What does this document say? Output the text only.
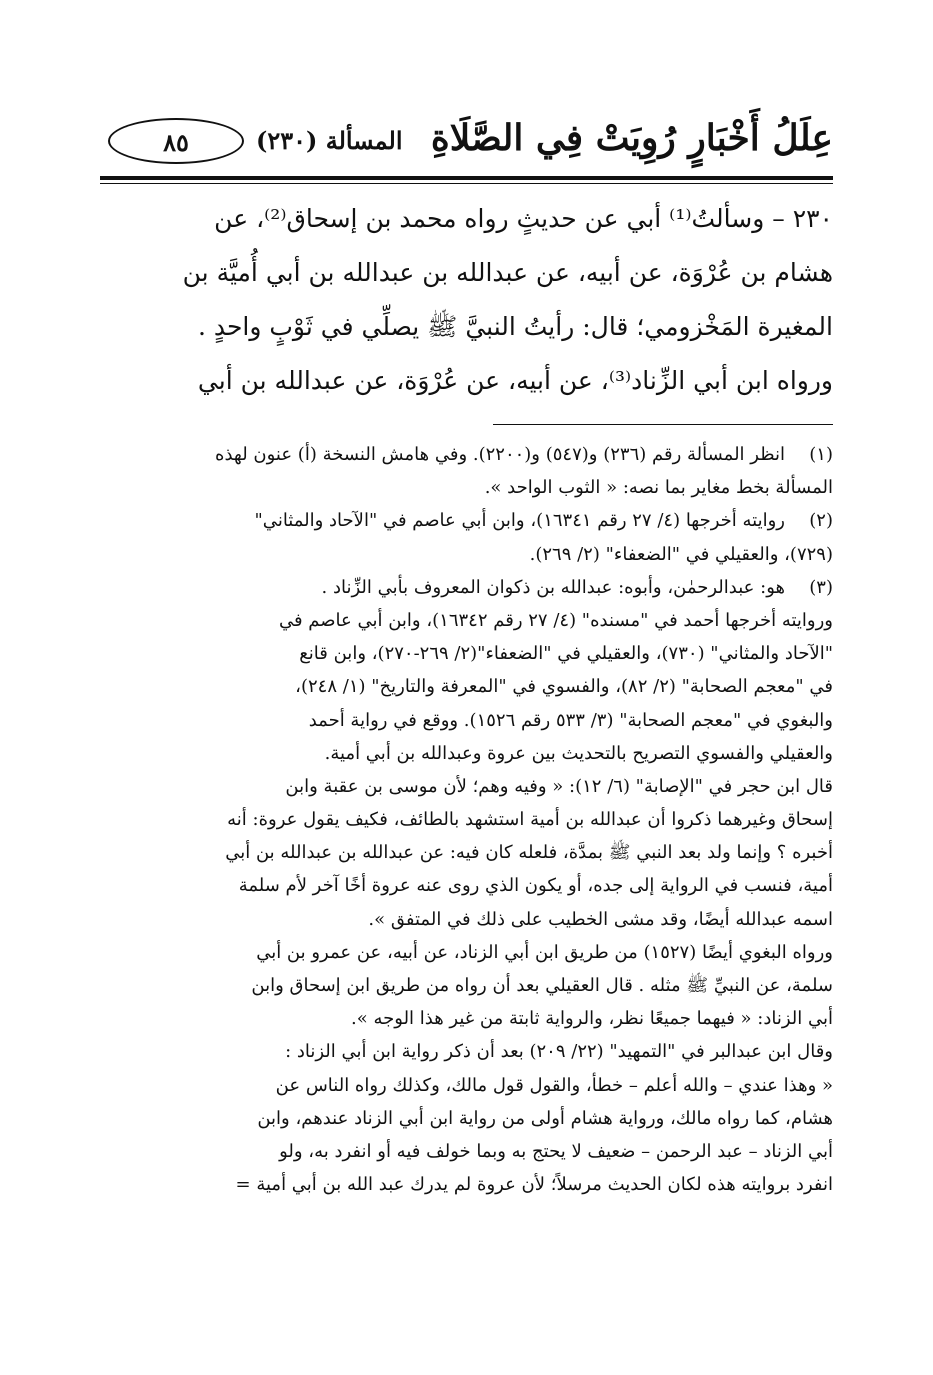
عِلَلُ أَخْبَارٍ رُوِيَتْ فِي الصَّلَاةِ
المسألة (٢٣٠)
٨٥

٢٣٠ – وسألتُ⁽¹⁾ أبي عن حديثٍ رواه محمد بن إسحاق⁽²⁾، عن

هشام بن عُرْوَة، عن أبيه، عن عبدالله بن عبدالله بن أبي أُميَّة بن

المغيرة المَخْزومي؛ قال: رأيتُ النبيَّ ﷺ يصلِّي في ثَوْبٍ واحدٍ .

ورواه ابن أبي الزِّناد⁽³⁾، عن أبيه، عن عُرْوَة، عن عبدالله بن أبي

(١)
انظر المسألة رقم (٢٣٦) و(٥٤٧) و(٢٢٠٠). وفي هامش النسخة (أ) عنون لهذه
المسألة بخط مغاير بما نصه: « الثوب الواحد ».
(٢)
روايته أخرجها (٤/ ٢٧ رقم ١٦٣٤١)، وابن أبي عاصم في "الآحاد والمثاني"
(٧٢٩)، والعقيلي في "الضعفاء" (٢/ ٢٦٩).
(٣)
هو: عبدالرحمٰن، وأبوه: عبدالله بن ذكوان المعروف بأبي الزِّناد .
وروايته أخرجها أحمد في "مسنده" (٤/ ٢٧ رقم ١٦٣٤٢)، وابن أبي عاصم في
"الآحاد والمثاني" (٧٣٠)، والعقيلي في "الضعفاء"(٢/ ٢٦٩-٢٧٠)، وابن قانع
في "معجم الصحابة" (٢/ ٨٢)، والفسوي في "المعرفة والتاريخ" (١/ ٢٤٨)،
والبغوي في "معجم الصحابة" (٣/ ٥٣٣ رقم ١٥٢٦). ووقع في رواية أحمد
والعقيلي والفسوي التصريح بالتحديث بين عروة وعبدالله بن أبي أمية.
قال ابن حجر في "الإصابة" (٦/ ١٢): « وفيه وهم؛ لأن موسى بن عقبة وابن
إسحاق وغيرهما ذكروا أن عبدالله بن أمية استشهد بالطائف، فكيف يقول عروة: أنه
أخبره ؟ وإنما ولد بعد النبي ﷺ بمدَّة، فلعله كان فيه: عن عبدالله بن عبدالله بن أبي
أمية، فنسب في الرواية إلى جده، أو يكون الذي روى عنه عروة أخًا آخر لأم سلمة
اسمه عبدالله أيضًا، وقد مشى الخطيب على ذلك في المتفق ».
ورواه البغوي أيضًا (١٥٢٧) من طريق ابن أبي الزناد، عن أبيه، عن عمرو بن أبي
سلمة، عن النبيِّ ﷺ مثله . قال العقيلي بعد أن رواه من طريق ابن إسحاق وابن
أبي الزناد: « فيهما جميعًا نظر، والرواية ثابتة من غير هذا الوجه ».
وقال ابن عبدالبر في "التمهيد" (٢٢/ ٢٠٩) بعد أن ذكر رواية ابن أبي الزناد :
« وهذا عندي – والله أعلم – خطأ، والقول قول مالك، وكذلك رواه الناس عن
هشام، كما رواه مالك، ورواية هشام أولى من رواية ابن أبي الزناد عندهم، وابن
أبي الزناد – عبد الرحمن – ضعيف لا يحتج به وبما خولف فيه أو انفرد به، ولو
انفرد بروايته هذه لكان الحديث مرسلاً؛ لأن عروة لم يدرك عبد الله بن أبي أمية =
